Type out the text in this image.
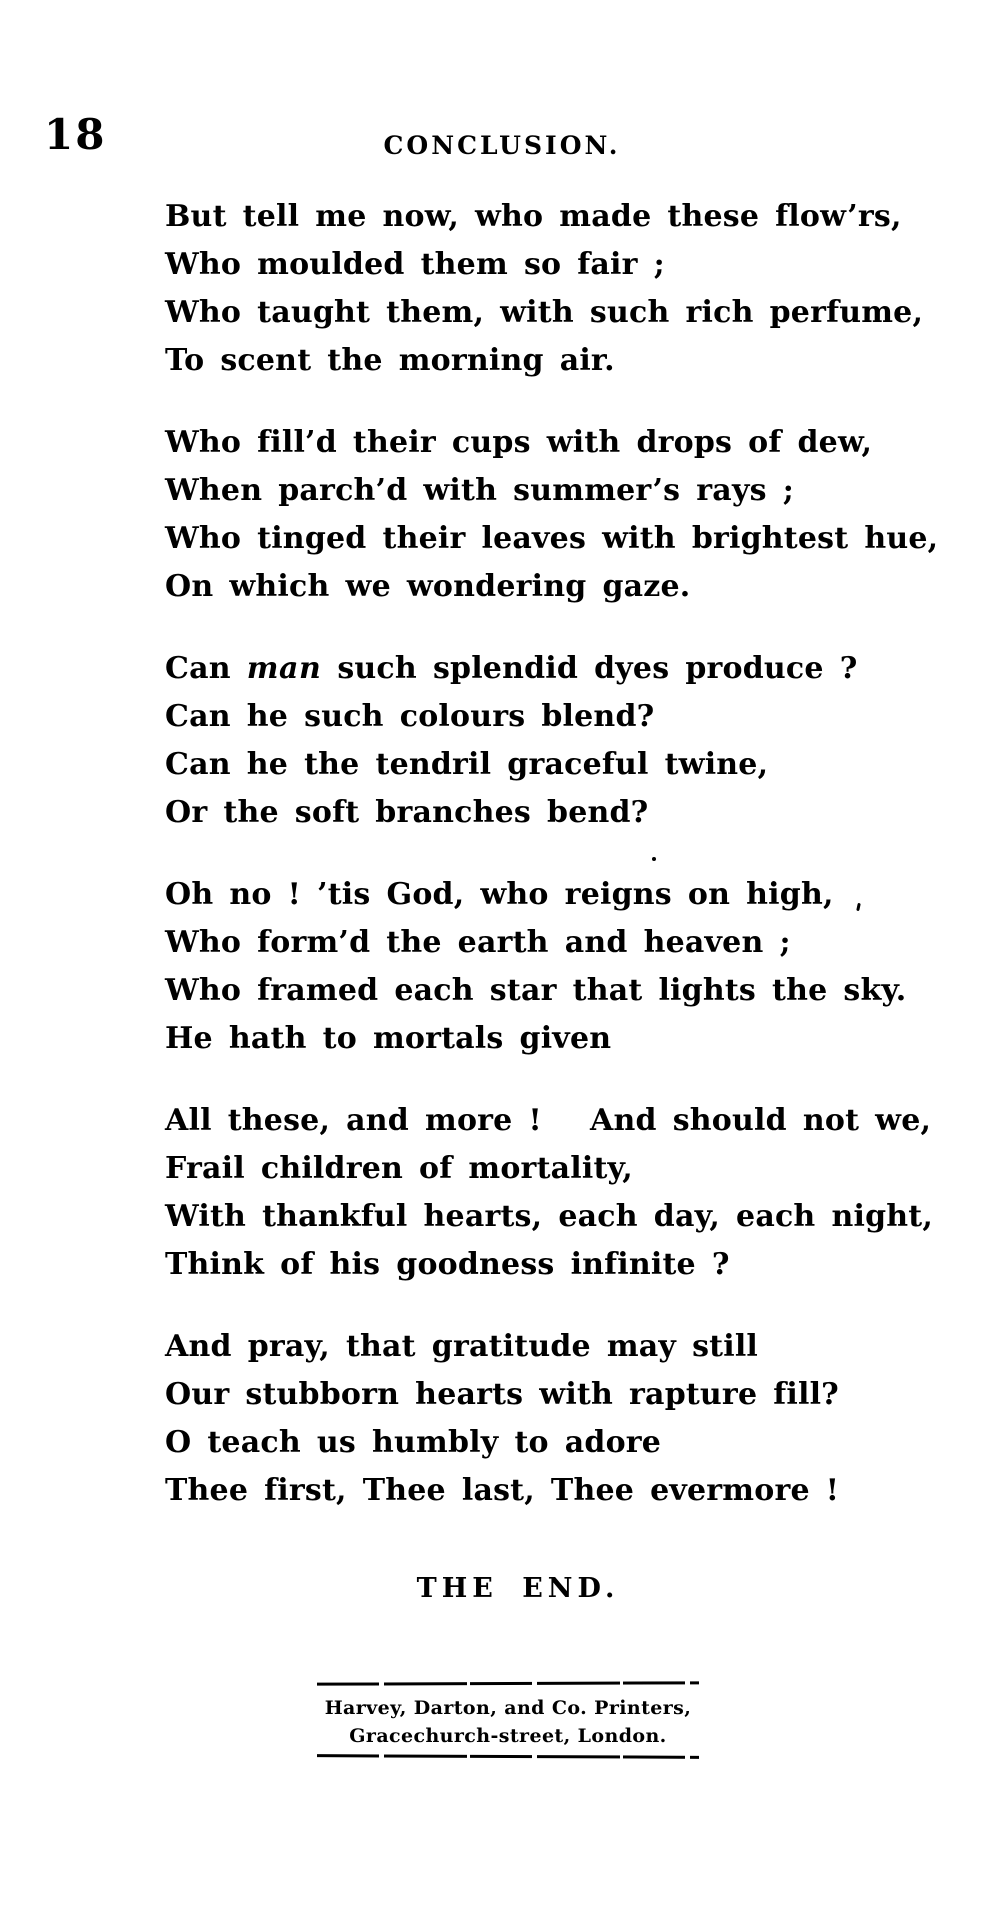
18	CONCLUSION.
But tell me now, who made these flow’rs,
Who moulded them so fair ;
Who taught them, with such rich perfume,
To scent the morning air.
Who fill’d their cups with drops of dew,
When parch’d with summer’s rays ;
Who tinged their leaves with brightest hue,
On which we wondering gaze.
Can man such splendid dyes produce ?
Can he such colours blend?
Can he the tendril graceful twine,
Or the soft branches bend?
Oh no ! ’tis God, who reigns on high,
Who form’d the earth and heaven ;
Who framed each star that lights the sky.
He hath to mortals given
All these, and more !   And should not we,
Frail children of mortality,
With thankful hearts, each day, each night,
Think of his goodness infinite ?
And pray, that gratitude may still
Our stubborn hearts with rapture fill?
O teach us humbly to adore
Thee first, Thee last, Thee evermore !
THE END.
Harvey, Darton, and Co. Printers,
Gracechurch-street, London.
